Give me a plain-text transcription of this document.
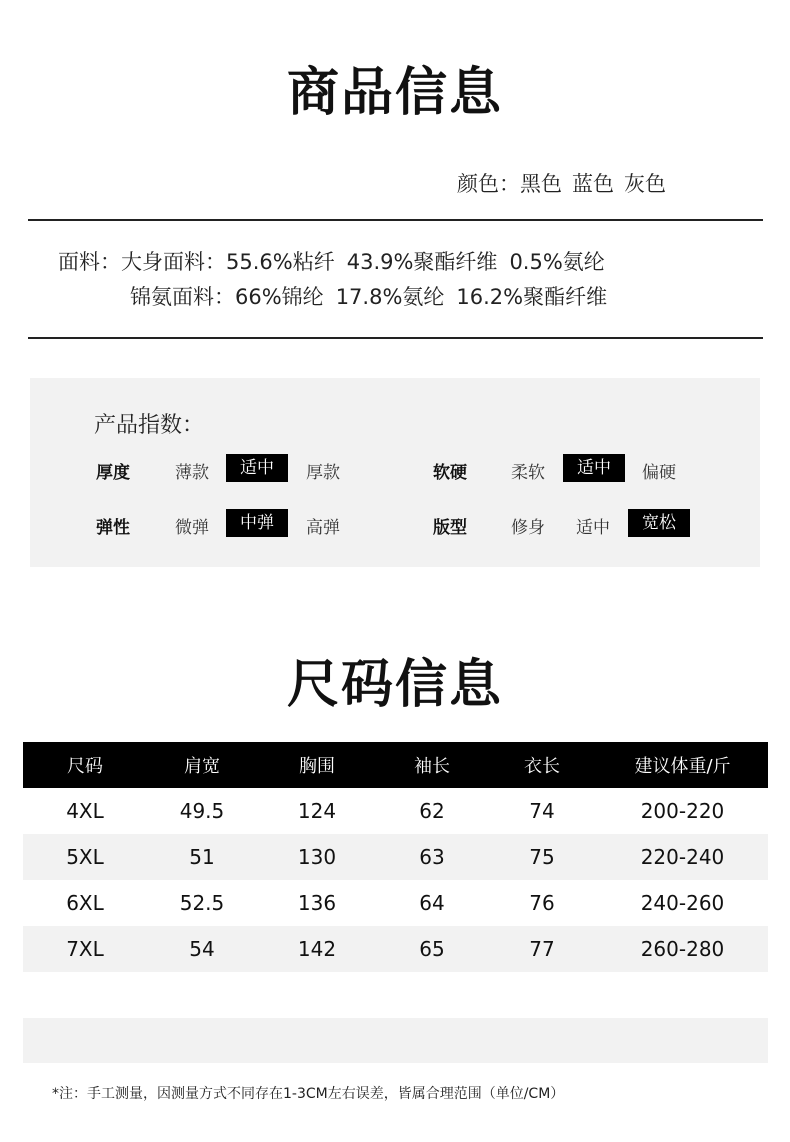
商品信息
颜色：黑色 蓝色 灰色
面料：大身面料：55.6%粘纤 43.9%聚酯纤维 0.5%氨纶
锦氨面料：66%锦纶 17.8%氨纶 16.2%聚酯纤维
产品指数：
厚度	薄款	适中	厚款	软硬	柔软	适中	偏硬
弹性	微弹	中弹	高弹	版型	修身 适中	宽松
尺码信息
尺码	肩宽	胸围	袖长	衣长	建议体重/斤
4XL	49.5	124	62	74	200-220
5XL	51	130	63	75	220-240
6XL	52.5	136	64	76	240-260
7XL	54	142	65	77	260-280
*注：手工测量，因测量方式不同存在1-3CM左右误差，皆属合理范围（单位/CM）
